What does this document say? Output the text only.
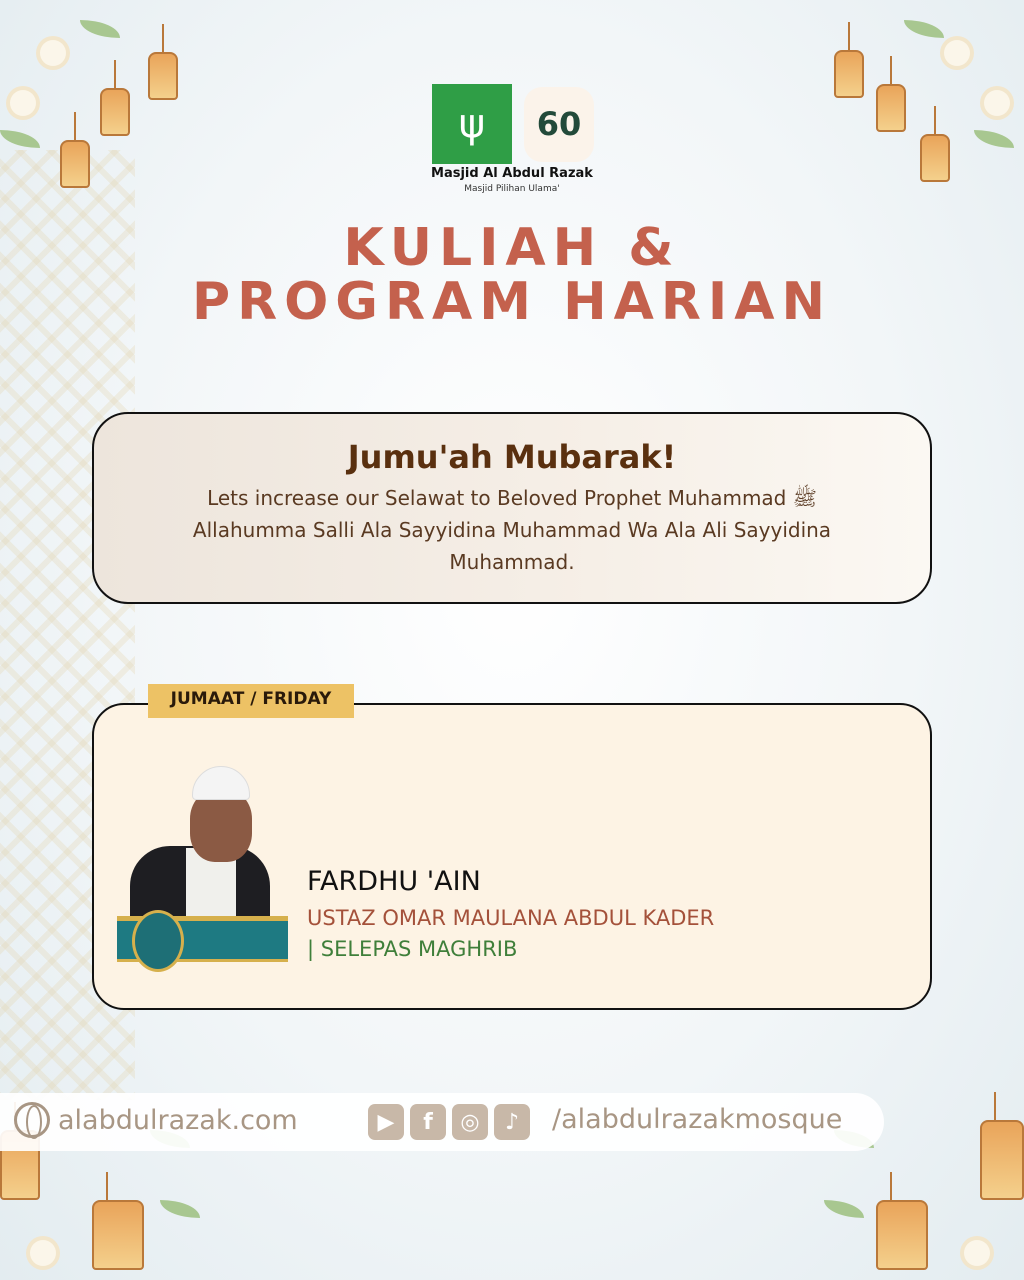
ψ	60
Masjid Al Abdul Razak
Masjid Pilihan Ulama'
KULIAH &
PROGRAM HARIAN
Jumu'ah Mubarak!

Lets increase our Selawat to Beloved Prophet Muhammad ﷺ Allahumma Salli Ala Sayyidina Muhammad Wa Ala Ali Sayyidina Muhammad.

JUMAAT / FRIDAY
FARDHU 'AIN
USTAZ OMAR MAULANA ABDUL KADER
| SELEPAS MAGHRIB
alabdulrazak.com	▶	f	◎	♪	/alabdulrazakmosque
